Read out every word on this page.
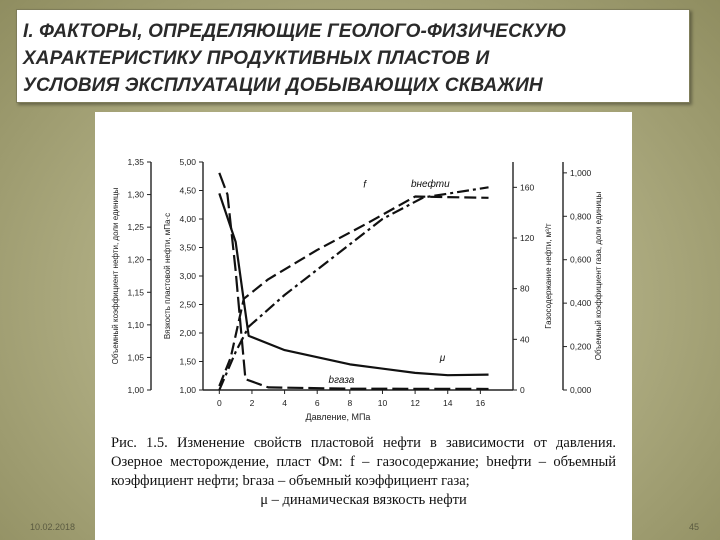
I. ФАКТОРЫ, ОПРЕДЕЛЯЮЩИЕ ГЕОЛОГО-ФИЗИЧЕСКУЮ
ХАРАКТЕРИСТИКУ ПРОДУКТИВНЫХ ПЛАСТОВ И
УСЛОВИЯ ЭКСПЛУАТАЦИИ ДОБЫВАЮЩИХ СКВАЖИН
1,00
1,05
1,10
1,15
1,20
1,25
1,30
1,35
Объемный коэффициент нефти, доли единицы
1,00
1,50
2,00
2,50
3,00
3,50
4,00
4,50
5,00
Вязкость пластовой нефти, мПа·с
0
40
80
120
160
Газосодержание нефти, м³/т
0,000
0,200
0,400
0,600
0,800
1,000
Объемный коэффициент газа, доли единицы
0	2	4	6	8	10	12	14	16
Давление, МПа
bнефти
f
μ
bгаза
Рис. 1.5. Изменение свойств пластовой нефти в зависимости от давления. Озерное месторождение, пласт Фм: f – газосодержание; bнефти – объемный коэффициент нефти; bгаза – объемный коэффициент газа;
μ – динамическая вязкость нефти
10.02.2018	45
